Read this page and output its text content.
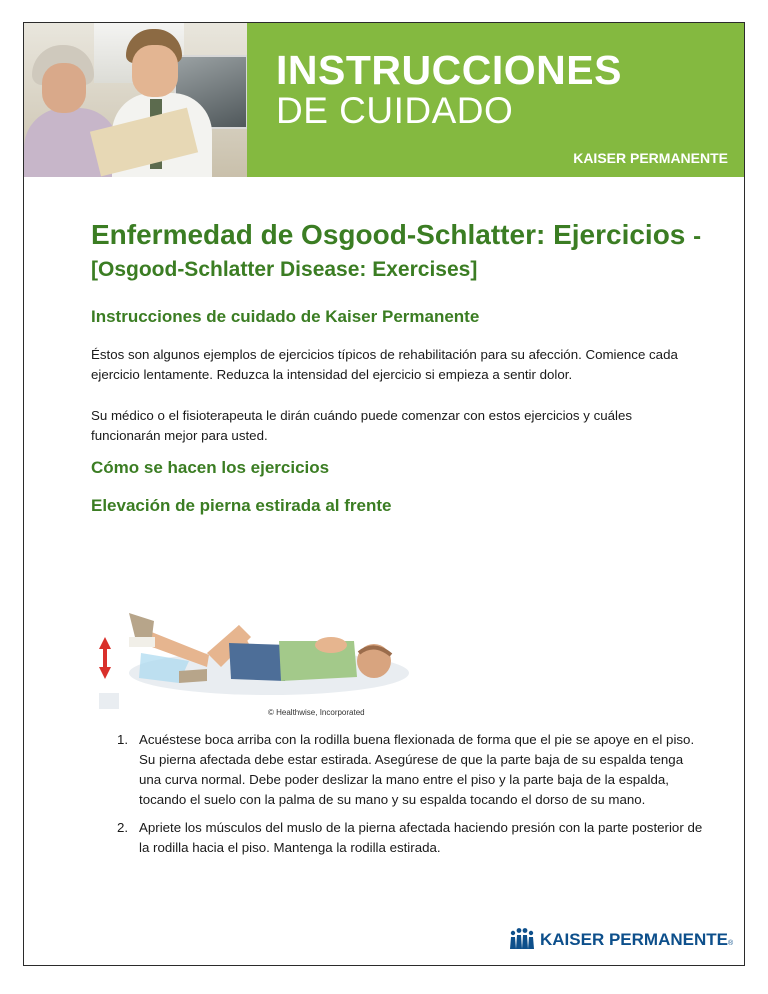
INSTRUCCIONES
DE CUIDADO
KAISER PERMANENTE
Enfermedad de Osgood-Schlatter: Ejercicios -
[Osgood-Schlatter Disease: Exercises]
Instrucciones de cuidado de Kaiser Permanente

Éstos son algunos ejemplos de ejercicios típicos de rehabilitación para su afección. Comience cada ejercicio lentamente. Reduzca la intensidad del ejercicio si empieza a sentir dolor.

Su médico o el fisioterapeuta le dirán cuándo puede comenzar con estos ejercicios y cuáles funcionarán mejor para usted.

Cómo se hacen los ejercicios
Elevación de pierna estirada al frente
© Healthwise, Incorporated
1. Acuéstese boca arriba con la rodilla buena flexionada de forma que el pie se apoye en el piso. Su pierna afectada debe estar estirada. Asegúrese de que la parte baja de su espalda tenga una curva normal. Debe poder deslizar la mano entre el piso y la parte baja de la espalda, tocando el suelo con la palma de su mano y su espalda tocando el dorso de su mano.
2. Apriete los músculos del muslo de la pierna afectada haciendo presión con la parte posterior de la rodilla hacia el piso. Mantenga la rodilla estirada.
KAISER PERMANENTE®
